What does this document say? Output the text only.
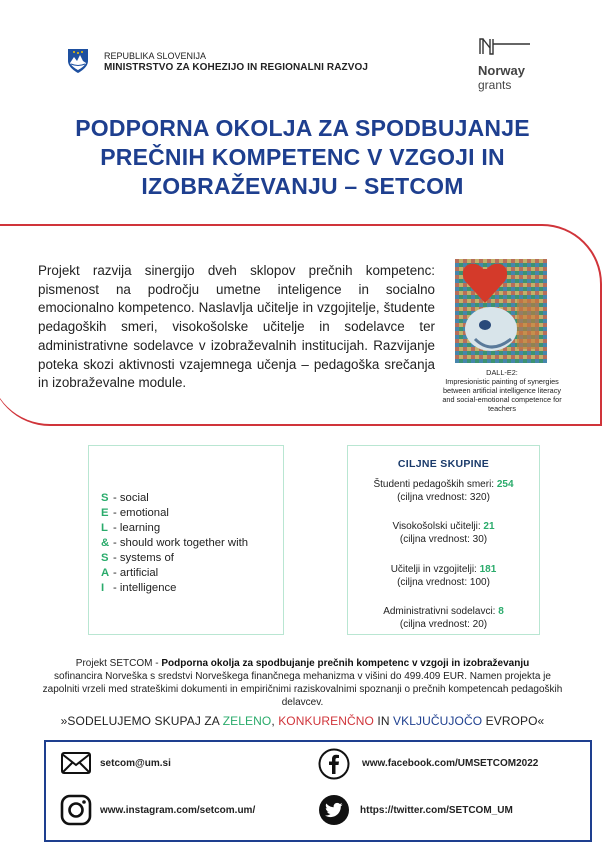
REPUBLIKA SLOVENIJA
MINISTRSTVO ZA KOHEZIJO IN REGIONALNI RAZVOJ	Norway
grants
PODPORNA OKOLJA ZA SPODBUJANJE
PREČNIH KOMPETENC V VZGOJI IN
IZOBRAŽEVANJU – SETCOM
Projekt razvija sinergijo dveh sklopov prečnih kompetenc: pismenost na področju umetne inteligence in socialno emocionalno kompetenco. Naslavlja učitelje in vzgojitelje, študente pedagoških smeri, visokošolske učitelje in sodelavce ter administrativne sodelavce v izobraževalnih institucijah. Razvijanje poteka skozi aktivnosti vzajemnega učenja – pedagoška srečanja in izobraževalne module.
DALL-E2:
Impresionistic painting of synergies between artificial intelligence literacy and social-emotional competence for teachers
S - social
E - emotional
L - learning
& - should work together with
S - systems of
A - artificial
I - intelligence
CILJNE SKUPINE
Študenti pedagoških smeri: 254
(ciljna vrednost: 320)
Visokošolski učitelji: 21
(ciljna vrednost: 30)
Učitelji in vzgojitelji: 181
(ciljna vrednost: 100)
Administrativni sodelavci: 8
(ciljna vrednost: 20)
Projekt SETCOM - Podporna okolja za spodbujanje prečnih kompetenc v vzgoji in izobraževanju
sofinancira Norveška s sredstvi Norveškega finančnega mehanizma v višini do 499.409 EUR. Namen projekta je zapolniti vrzeli med strateškimi dokumenti in empiričnimi raziskovalnimi spoznanji o prečnih kompetencah pedagoških delavcev.
»SODELUJEMO SKUPAJ ZA ZELENO, KONKURENČNO IN VKLJUČUJOČO EVROPO«
setcom@um.si	www.facebook.com/UMSETCOM2022
www.instagram.com/setcom.um/	https://twitter.com/SETCOM_UM
